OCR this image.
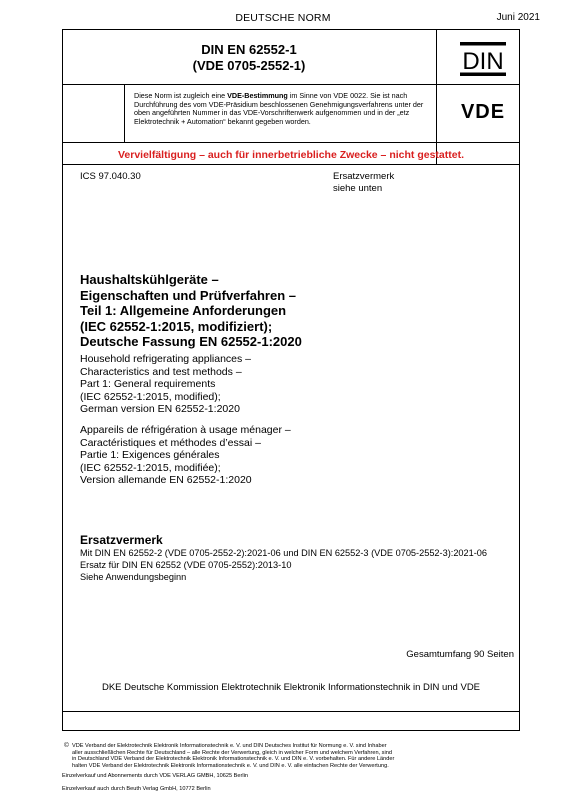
DEUTSCHE NORM	Juni 2021
DIN EN 62552-1
(VDE 0705-2552-1)	DIN
Diese Norm ist zugleich eine VDE-Bestimmung im Sinne von VDE 0022. Sie ist nach Durchführung des vom VDE-Präsidium beschlossenen Genehmigungsverfahrens unter der oben angeführten Nummer in das VDE-Vorschriftenwerk aufgenommen und in der „etz Elektrotechnik + Automation“ bekannt gegeben worden.	VDE
Vervielfältigung – auch für innerbetriebliche Zwecke – nicht gestattet.
ICS 97.040.30	Ersatzvermerk
siehe unten
Haushaltskühlgeräte –
Eigenschaften und Prüfverfahren –
Teil 1: Allgemeine Anforderungen
(IEC 62552-1:2015, modifiziert);
Deutsche Fassung EN 62552-1:2020
Household refrigerating appliances –
Characteristics and test methods –
Part 1: General requirements
(IEC 62552-1:2015, modified);
German version EN 62552-1:2020
Appareils de réfrigération à usage ménager –
Caractéristiques et méthodes d’essai –
Partie 1: Exigences générales
(IEC 62552-1:2015, modifiée);
Version allemande EN 62552-1:2020
Ersatzvermerk
Mit DIN EN 62552-2 (VDE 0705-2552-2):2021-06 und DIN EN 62552-3 (VDE 0705-2552-3):2021-06
Ersatz für DIN EN 62552 (VDE 0705-2552):2013-10
Siehe Anwendungsbeginn
Gesamtumfang 90 Seiten
DKE Deutsche Kommission Elektrotechnik Elektronik Informationstechnik in DIN und VDE
© VDE Verband der Elektrotechnik Elektronik Informationstechnik e. V. und DIN Deutsches Institut für Normung e. V. sind Inhaber
aller ausschließlichen Rechte für Deutschland – alle Rechte der Verwertung, gleich in welcher Form und welchem Verfahren, sind
in Deutschland VDE Verband der Elektrotechnik Elektronik Informationstechnik e. V. und DIN e. V. vorbehalten. Für andere Länder
halten VDE Verband der Elektrotechnik Elektronik Informationstechnik e. V. und DIN e. V. alle einfachen Rechte der Verwertung.
Einzelverkauf und Abonnements durch VDE VERLAG GMBH, 10625 Berlin
Einzelverkauf auch durch Beuth Verlag GmbH, 10772 Berlin
